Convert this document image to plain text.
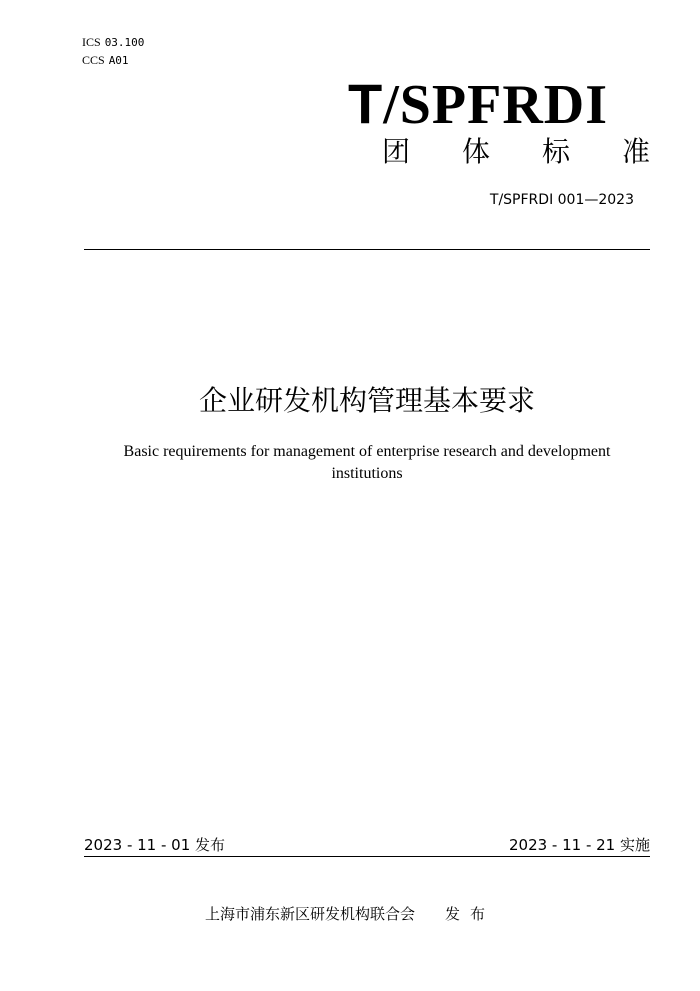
ICS 03.100
CCS A01
T/SPFRDI
团 体 标 准
T/SPFRDI 001—2023
企业研发机构管理基本要求
Basic requirements for management of enterprise research and development institutions
2023 - 11 - 01 发布	2023 - 11 - 21 实施
上海市浦东新区研发机构联合会 发布
